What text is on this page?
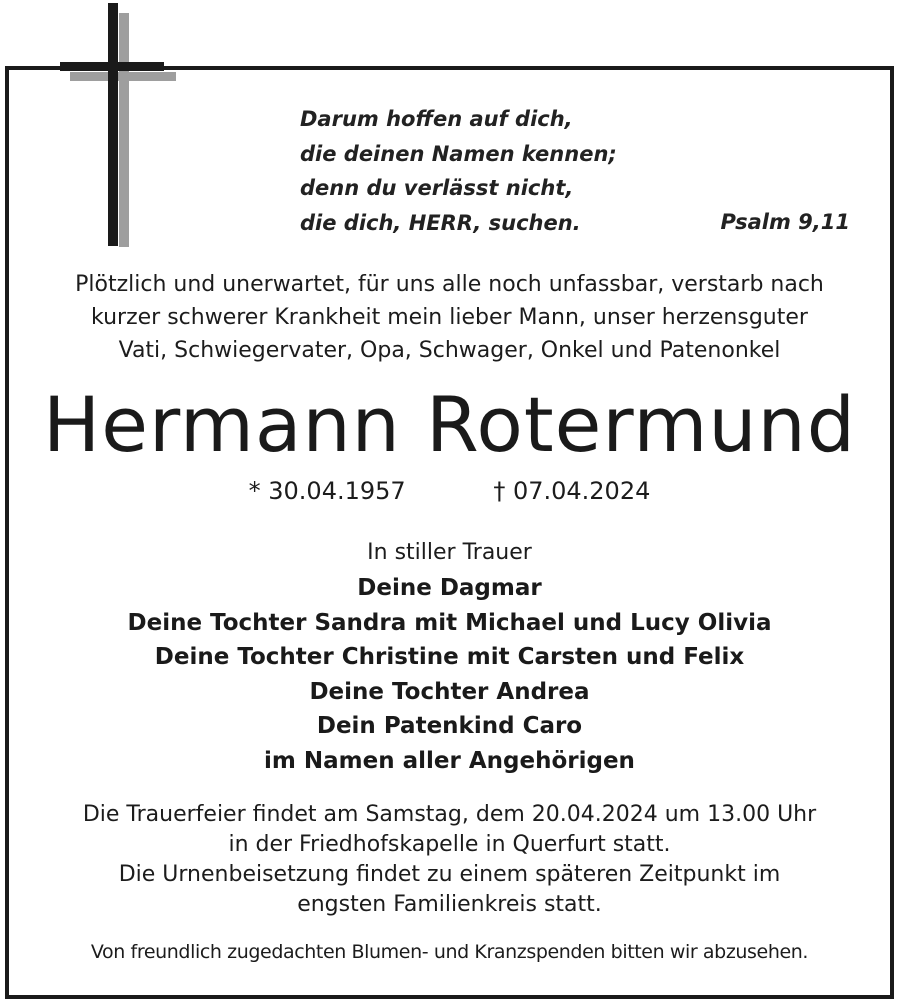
Darum hoffen auf dich,
die deinen Namen kennen;
denn du verlässt nicht,
die dich, HERR, suchen.	Psalm 9,11
Plötzlich und unerwartet, für uns alle noch unfassbar, verstarb nach
kurzer schwerer Krankheit mein lieber Mann, unser herzensguter
Vati, Schwiegervater, Opa, Schwager, Onkel und Patenonkel
Hermann Rotermund
* 30.04.1957	† 07.04.2024
In stiller Trauer
Deine Dagmar
Deine Tochter Sandra mit Michael und Lucy Olivia
Deine Tochter Christine mit Carsten und Felix
Deine Tochter Andrea
Dein Patenkind Caro
im Namen aller Angehörigen
Die Trauerfeier findet am Samstag, dem 20.04.2024 um 13.00 Uhr
in der Friedhofskapelle in Querfurt statt.
Die Urnenbeisetzung findet zu einem späteren Zeitpunkt im
engsten Familienkreis statt.
Von freundlich zugedachten Blumen- und Kranzspenden bitten wir abzusehen.
